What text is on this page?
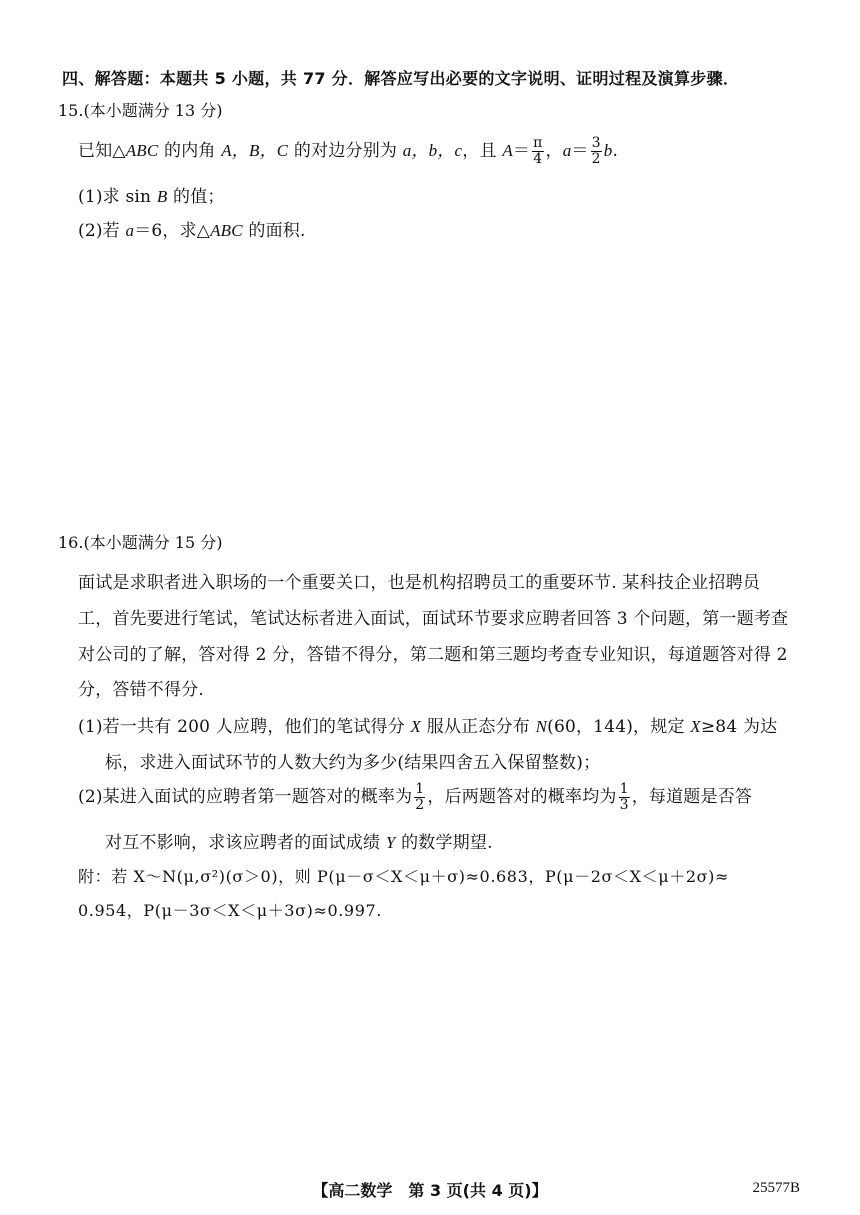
四、解答题：本题共 5 小题，共 77 分．解答应写出必要的文字说明、证明过程及演算步骤．
15.(本小题满分 13 分)
已知△ABC 的内角 A，B，C 的对边分别为 a，b，c，且 $A= \frac{\pi}{4}$ ，$a= \frac{3}{2} b$.
(1)求 sin B 的值；
(2)若 a＝6，求△ABC 的面积.
16.(本小题满分 15 分)
面试是求职者进入职场的一个重要关口，也是机构招聘员工的重要环节. 某科技企业招聘员
工，首先要进行笔试，笔试达标者进入面试，面试环节要求应聘者回答 3 个问题，第一题考查
对公司的了解，答对得 2 分，答错不得分，第二题和第三题均考查专业知识，每道题答对得 2
分，答错不得分.
(1)若一共有 200 人应聘，他们的笔试得分 X 服从正态分布 N(60，144)，规定 X≥84 为达
标，求进入面试环节的人数大约为多少(结果四舍五入保留整数)；
(2)某进入面试的应聘者第一题答对的概率为 $\frac{1}{2}$ ，后两题答对的概率均为 $\frac{1}{3}$ ，每道题是否答
对互不影响，求该应聘者的面试成绩 Y 的数学期望.
附：若 X～N(μ,σ²)(σ＞0)，则 P(μ－σ＜X＜μ＋σ)≈0.683，P(μ－2σ＜X＜μ＋2σ)≈
0.954，P(μ－3σ＜X＜μ＋3σ)≈0.997.
【高二数学　第 3 页(共 4 页)】	25577B
